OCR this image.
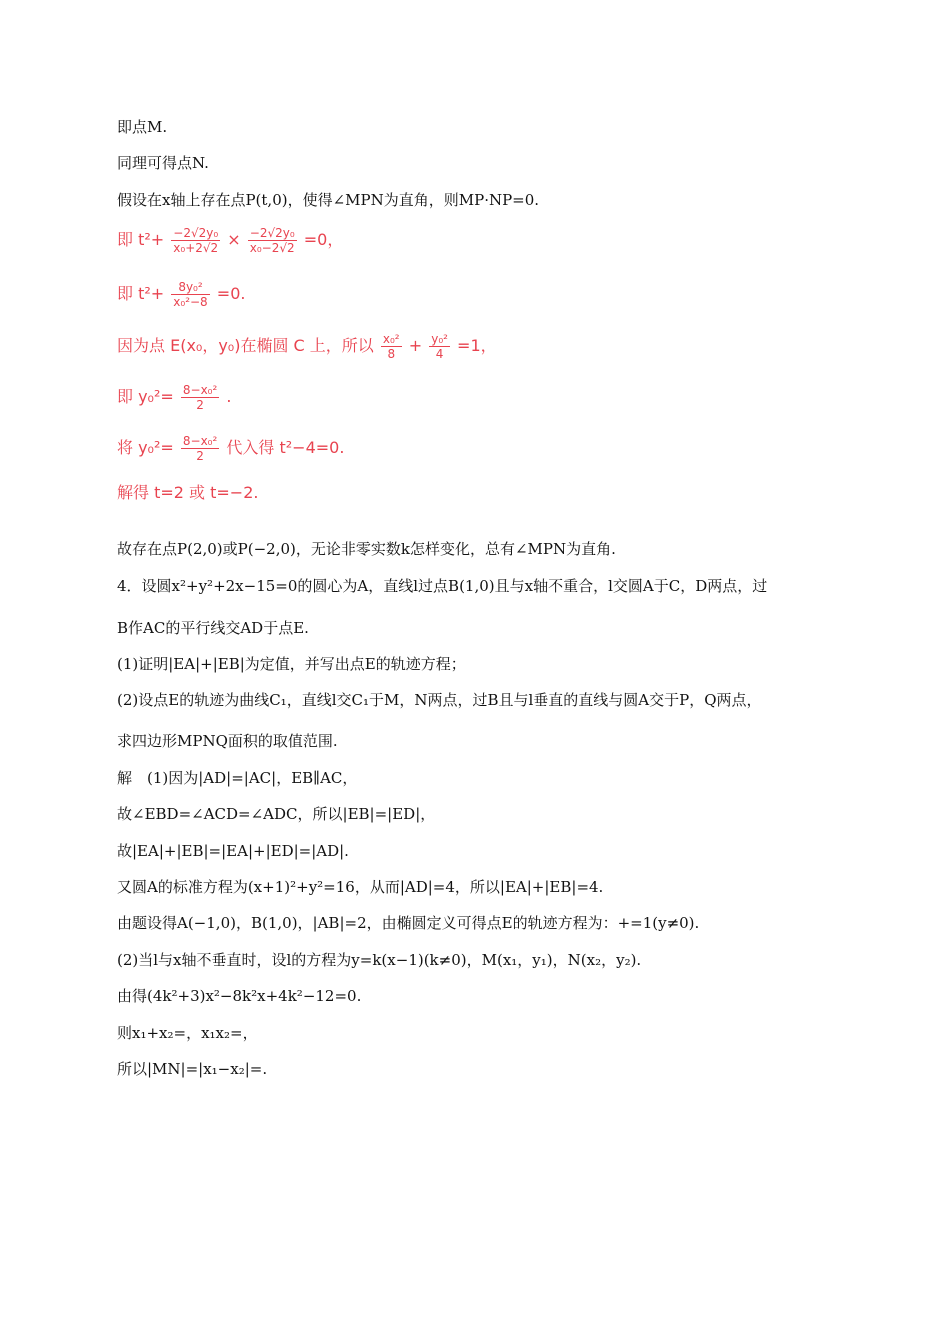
即点M.
同理可得点N.
假设在x轴上存在点P(t,0)，使得∠MPN为直角，则MP·NP=0.
即 $t^2+ \frac{\text{−2√2y₀}}{\text{x₀+2√2}} \times \frac{\text{−2√2y₀}}{\text{x₀−2√2}} =0$，
即 $t^2+ \frac{\text{8y₀²}}{\text{x₀²−8}} =0$.
因为点 E(x₀，y₀)在椭圆 C 上，所以 $\frac{\text{x₀²}}{8} + \frac{\text{y₀²}}{4} =1$，
即 $y_0^2= \frac{\text{8−x₀²}}{2}$ .
将 $y_0^2= \frac{\text{8−x₀²}}{2}$ 代入得 t²−4=0.
解得 t=2 或 t=−2.
故存在点P(2,0)或P(−2,0)，无论非零实数k怎样变化，总有∠MPN为直角.
4．设圆x²+y²+2x−15=0的圆心为A，直线l过点B(1,0)且与x轴不重合，l交圆A于C，D两点，过
B作AC的平行线交AD于点E.
(1)证明|EA|+|EB|为定值，并写出点E的轨迹方程；
(2)设点E的轨迹为曲线C₁，直线l交C₁于M，N两点，过B且与l垂直的直线与圆A交于P，Q两点，
求四边形MPNQ面积的取值范围.
解　(1)因为|AD|=|AC|，EB∥AC，
故∠EBD=∠ACD=∠ADC，所以|EB|=|ED|，
故|EA|+|EB|=|EA|+|ED|=|AD|.
又圆A的标准方程为(x+1)²+y²=16，从而|AD|=4，所以|EA|+|EB|=4.
由题设得A(−1,0)，B(1,0)，|AB|=2，由椭圆定义可得点E的轨迹方程为：+=1(y≠0).
(2)当l与x轴不垂直时，设l的方程为y=k(x−1)(k≠0)，M(x₁，y₁)，N(x₂，y₂).
由得(4k²+3)x²−8k²x+4k²−12=0.
则x₁+x₂=，x₁x₂=，
所以|MN|=|x₁−x₂|=.
